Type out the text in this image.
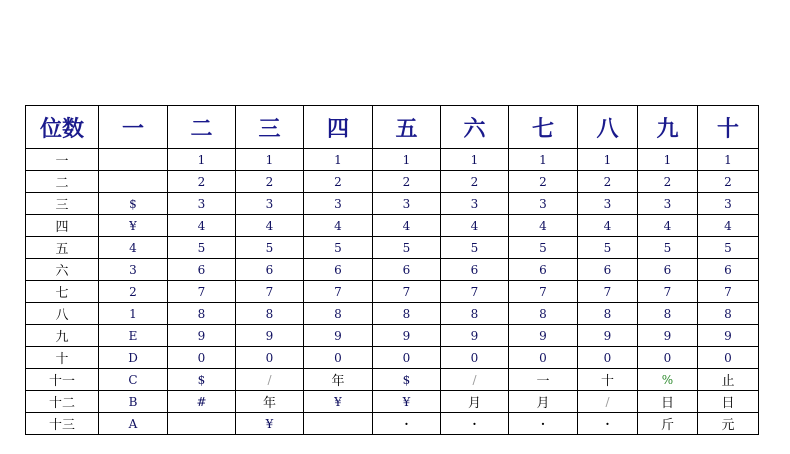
位数	一	二	三	四	五	六	七	八	九	十
一		1	1	1	1	1	1	1	1	1
二		2	2	2	2	2	2	2	2	2
三	$	3	3	3	3	3	3	3	3	3
四	¥	4	4	4	4	4	4	4	4	4
五	4	5	5	5	5	5	5	5	5	5
六	3	6	6	6	6	6	6	6	6	6
七	2	7	7	7	7	7	7	7	7	7
八	1	8	8	8	8	8	8	8	8	8
九	E	9	9	9	9	9	9	9	9	9
十	D	0	0	0	0	0	0	0	0	0
十一	C	$	/	年	$	/	一	十	%	止
十二	B	#	年	¥	¥	月	月	/	日	日
十三	A		¥		·	·	·	·	斤	元
